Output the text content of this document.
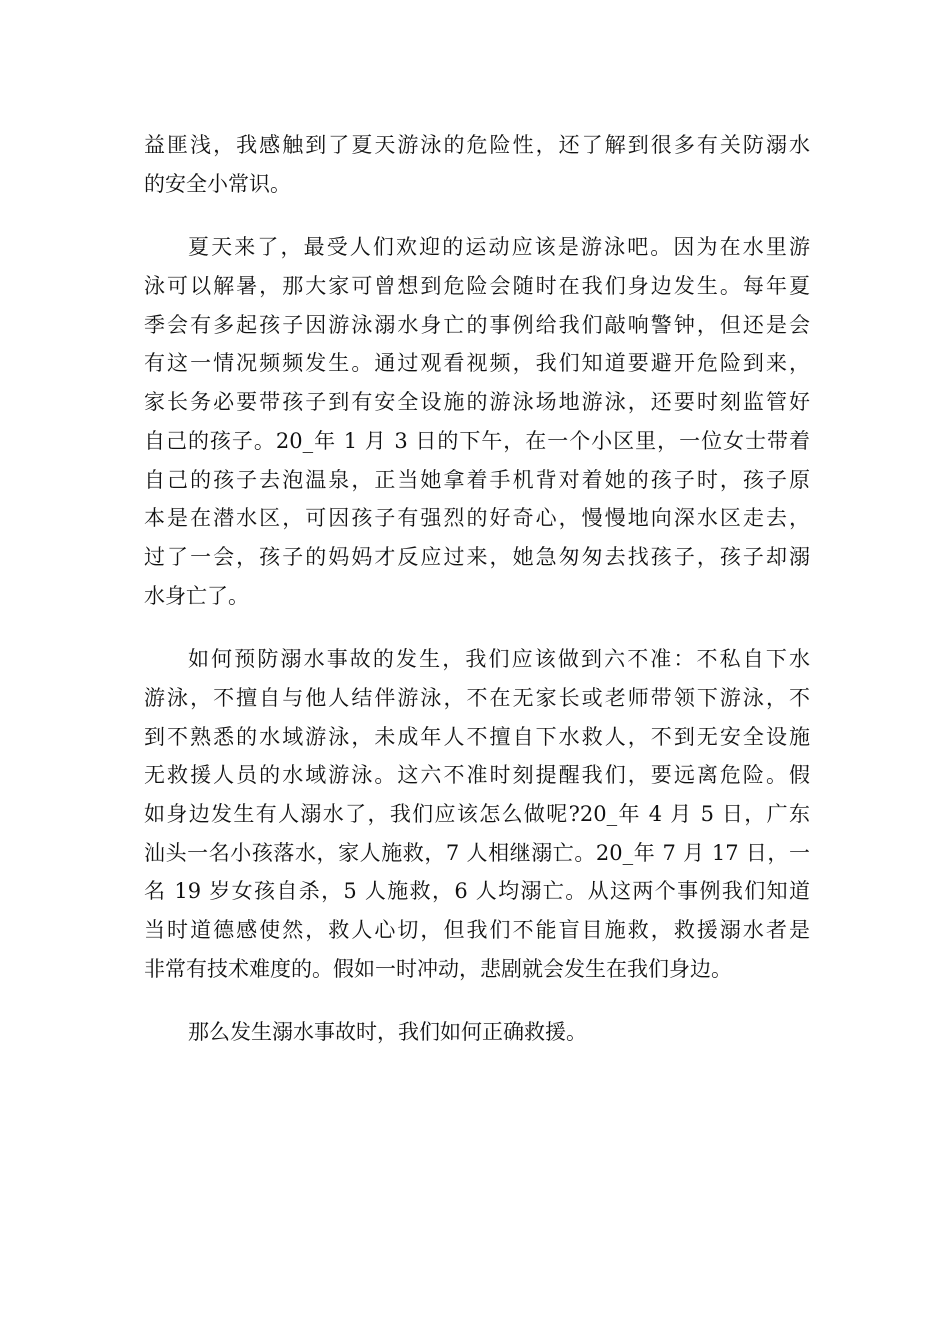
益匪浅，我感触到了夏天游泳的危险性，还了解到很多有关防溺水
的安全小常识。
夏天来了，最受人们欢迎的运动应该是游泳吧。因为在水里游
泳可以解暑，那大家可曾想到危险会随时在我们身边发生。每年夏
季会有多起孩子因游泳溺水身亡的事例给我们敲响警钟，但还是会
有这一情况频频发生。通过观看视频，我们知道要避开危险到来，
家长务必要带孩子到有安全设施的游泳场地游泳，还要时刻监管好
自己的孩子。20_年 1 月 3 日的下午，在一个小区里，一位女士带着
自己的孩子去泡温泉，正当她拿着手机背对着她的孩子时，孩子原
本是在潜水区，可因孩子有强烈的好奇心，慢慢地向深水区走去，
过了一会，孩子的妈妈才反应过来，她急匆匆去找孩子，孩子却溺
水身亡了。
如何预防溺水事故的发生，我们应该做到六不准：不私自下水
游泳，不擅自与他人结伴游泳，不在无家长或老师带领下游泳，不
到不熟悉的水域游泳，未成年人不擅自下水救人，不到无安全设施
无救援人员的水域游泳。这六不准时刻提醒我们，要远离危险。假
如身边发生有人溺水了，我们应该怎么做呢?20_年 4 月 5 日，广东
汕头一名小孩落水，家人施救，7 人相继溺亡。20_年 7 月 17 日，一
名 19 岁女孩自杀，5 人施救，6 人均溺亡。从这两个事例我们知道
当时道德感使然，救人心切，但我们不能盲目施救，救援溺水者是
非常有技术难度的。假如一时冲动，悲剧就会发生在我们身边。
那么发生溺水事故时，我们如何正确救援。
